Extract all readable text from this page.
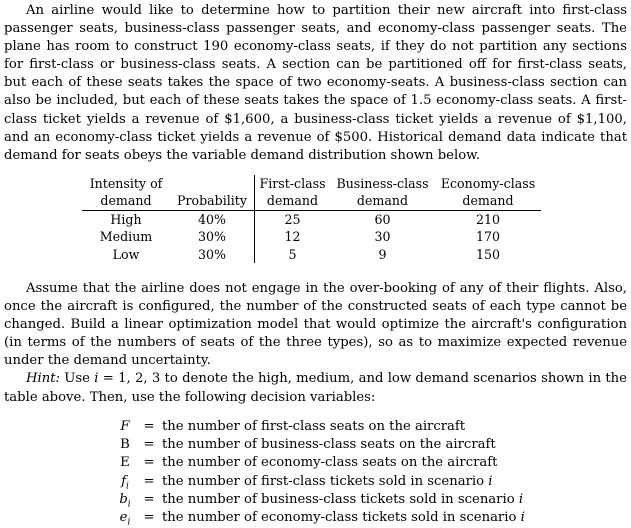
An airline would like to determine how to partition their new aircraft into first-class passenger seats, business-class passenger seats, and economy-class passenger seats. The plane has room to construct 190 economy-class seats, if they do not partition any sections for first-class or business-class seats. A section can be partitioned off for first-class seats, but each of these seats takes the space of two economy-seats. A business-class section can also be included, but each of these seats takes the space of 1.5 economy-class seats. A first-class ticket yields a revenue of $1,600, a business-class ticket yields a revenue of $1,100, and an economy-class ticket yields a revenue of $500. Historical demand data indicate that demand for seats obeys the variable demand distribution shown below.

Intensity of		First-class	Business-class	Economy-class
demand	Probability	demand	demand	demand
High	40%	25	60	210
Medium	30%	12	30	170
Low	30%	5	9	150

Assume that the airline does not engage in the over-booking of any of their flights. Also, once the aircraft is configured, the number of the constructed seats of each type cannot be changed. Build a linear optimization model that would optimize the aircraft's configuration (in terms of the numbers of seats of the three types), so as to maximize expected revenue under the demand uncertainty.

Hint: Use i = 1, 2, 3 to denote the high, medium, and low demand scenarios shown in the table above. Then, use the following decision variables:

F	=	the number of first-class seats on the aircraft
B	=	the number of business-class seats on the aircraft
E	=	the number of economy-class seats on the aircraft
$f_i$	=	the number of first-class tickets sold in scenario i
$b_i$	=	the number of business-class tickets sold in scenario i
$e_i$	=	the number of economy-class tickets sold in scenario i
